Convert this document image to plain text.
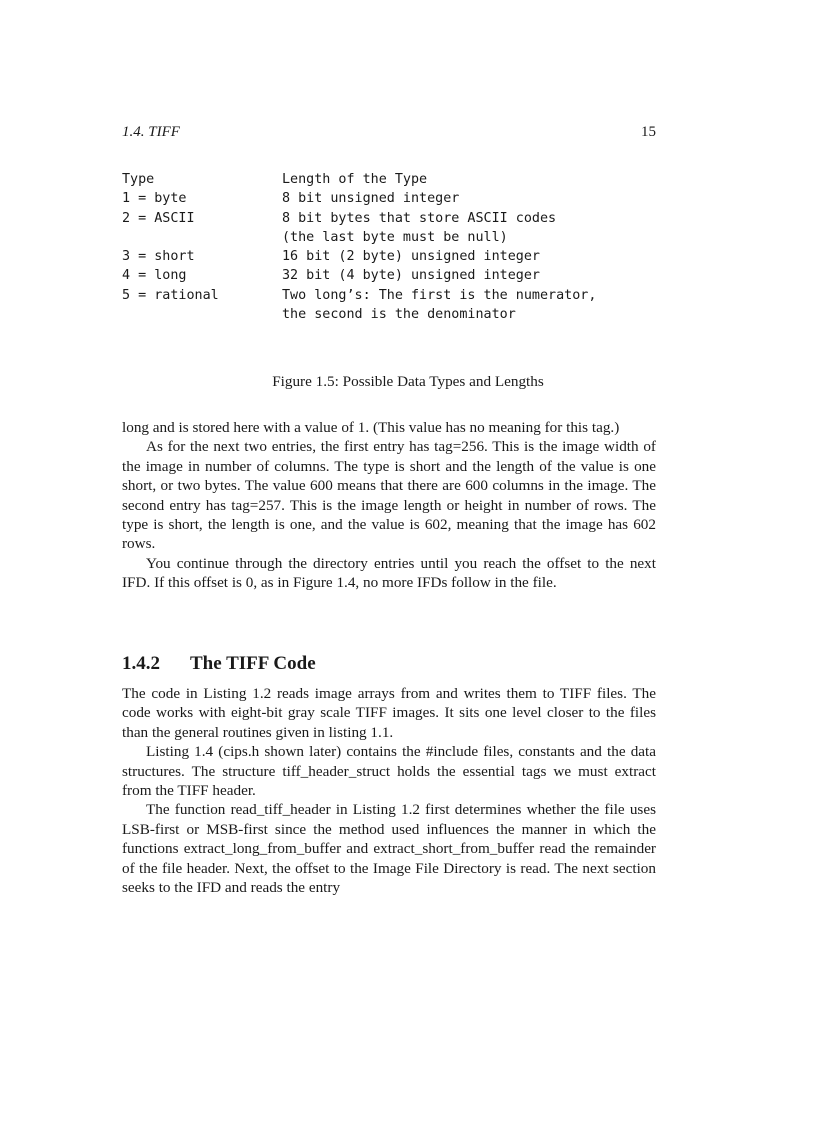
1.4. TIFF	15
Type	Length of the Type
1 = byte	8 bit unsigned integer
2 = ASCII	8 bit bytes that store ASCII codes
(the last byte must be null)
3 = short	16 bit (2 byte) unsigned integer
4 = long	32 bit (4 byte) unsigned integer
5 = rational	Two long’s: The first is the numerator,
the second is the denominator
Figure 1.5: Possible Data Types and Lengths

long and is stored here with a value of 1. (This value has no meaning for this tag.)

As for the next two entries, the first entry has tag=256. This is the image width of the image in number of columns. The type is short and the length of the value is one short, or two bytes. The value 600 means that there are 600 columns in the image. The second entry has tag=257. This is the image length or height in number of rows. The type is short, the length is one, and the value is 602, meaning that the image has 602 rows.

You continue through the directory entries until you reach the offset to the next IFD. If this offset is 0, as in Figure 1.4, no more IFDs follow in the file.

1.4.2 The TIFF Code

The code in Listing 1.2 reads image arrays from and writes them to TIFF files. The code works with eight-bit gray scale TIFF images. It sits one level closer to the files than the general routines given in listing 1.1.

Listing 1.4 (cips.h shown later) contains the #include files, constants and the data structures. The structure tiff_header_struct holds the essential tags we must extract from the TIFF header.

The function read_tiff_header in Listing 1.2 first determines whether the file uses LSB-first or MSB-first since the method used influences the manner in which the functions extract_long_from_buffer and extract_short_from_buffer read the remainder of the file header. Next, the offset to the Image File Directory is read. The next section seeks to the IFD and reads the entry
